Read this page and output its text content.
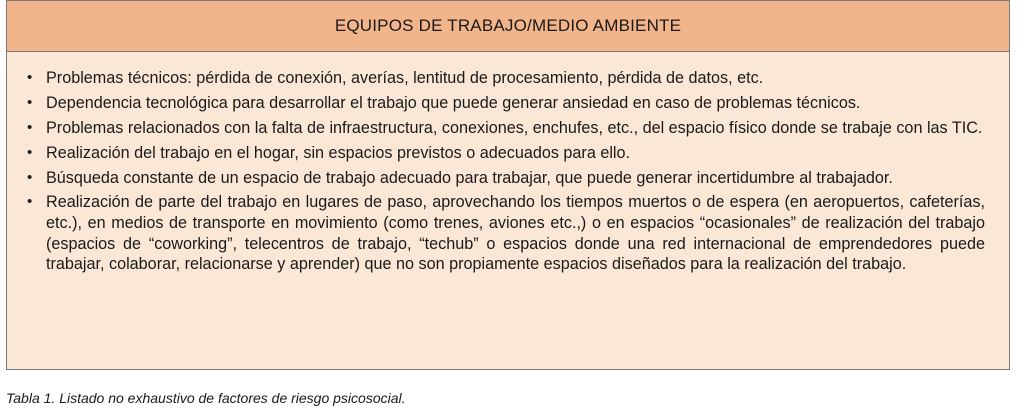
EQUIPOS DE TRABAJO/MEDIO AMBIENTE
• Problemas técnicos: pérdida de conexión, averías, lentitud de procesamiento, pérdida de datos, etc.
• Dependencia tecnológica para desarrollar el trabajo que puede generar ansiedad en caso de problemas técnicos.
• Problemas relacionados con la falta de infraestructura, conexiones, enchufes, etc., del espacio físico donde se trabaje con las TIC.
• Realización del trabajo en el hogar, sin espacios previstos o adecuados para ello.
• Búsqueda constante de un espacio de trabajo adecuado para trabajar, que puede generar incertidumbre al trabajador.
• Realización de parte del trabajo en lugares de paso, aprovechando los tiempos muertos o de espera (en aeropuertos, cafeterías, etc.), en medios de transporte en movimiento (como trenes, aviones etc.,) o en espacios “ocasionales” de realización del trabajo (espacios de “coworking”, telecentros de trabajo, “techub” o espacios donde una red internacional de emprendedores puede trabajar, colaborar, relacionarse y aprender) que no son propiamente espacios diseñados para la realización del trabajo.
Tabla 1. Listado no exhaustivo de factores de riesgo psicosocial.
